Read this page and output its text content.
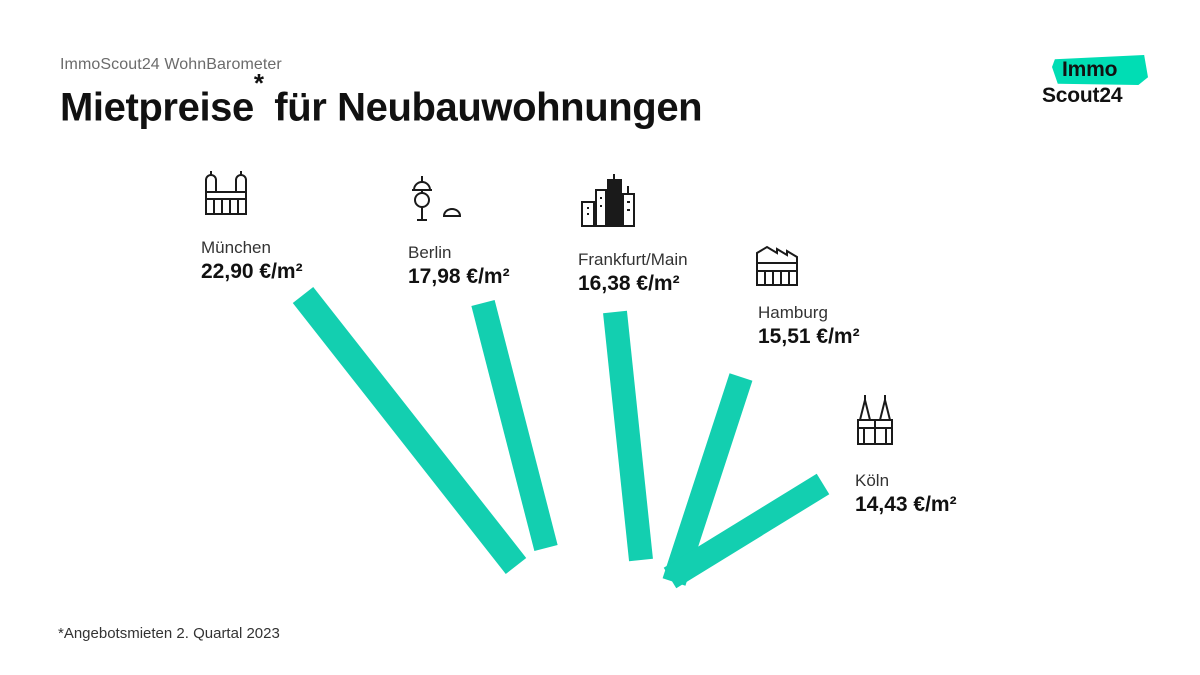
ImmoScout24 WohnBarometer
Mietpreise* für Neubauwohnungen
Immo
Scout24
München
22,90 €/m²
Berlin
17,98 €/m²
Frankfurt/Main
16,38 €/m²
Hamburg
15,51 €/m²
Köln
14,43 €/m²
*Angebotsmieten 2. Quartal 2023
